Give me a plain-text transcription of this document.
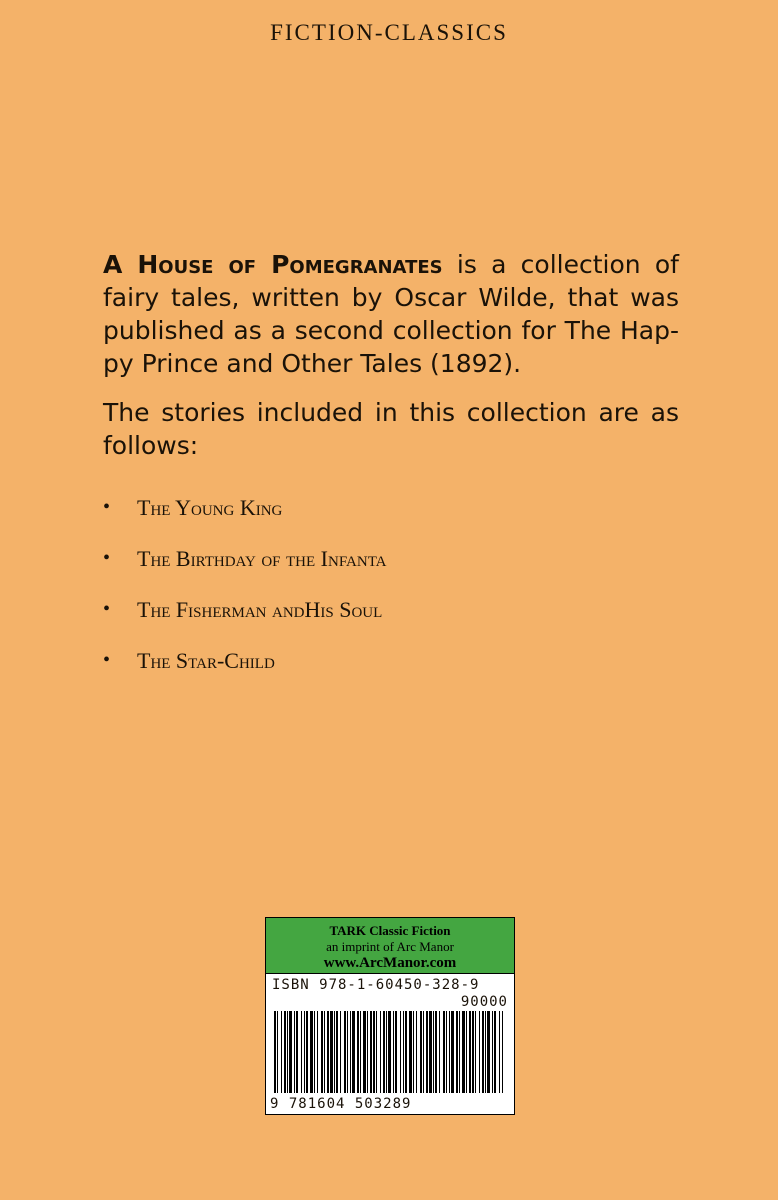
FICTION-CLASSICS

A House of Pomegranates is a collection of fairy tales, written by Oscar Wilde, that was published as a second collection for The Hap-py Prince and Other Tales (1892).

The stories included in this collection are as follows:

•	The Young King
•	The Birthday of the Infanta
•	The Fisherman andHis Soul
•	The Star-Child
TARK Classic Fiction
an imprint of Arc Manor
www.ArcManor.com
ISBN 978-1-60450-328-9
90000
9 781604 503289
